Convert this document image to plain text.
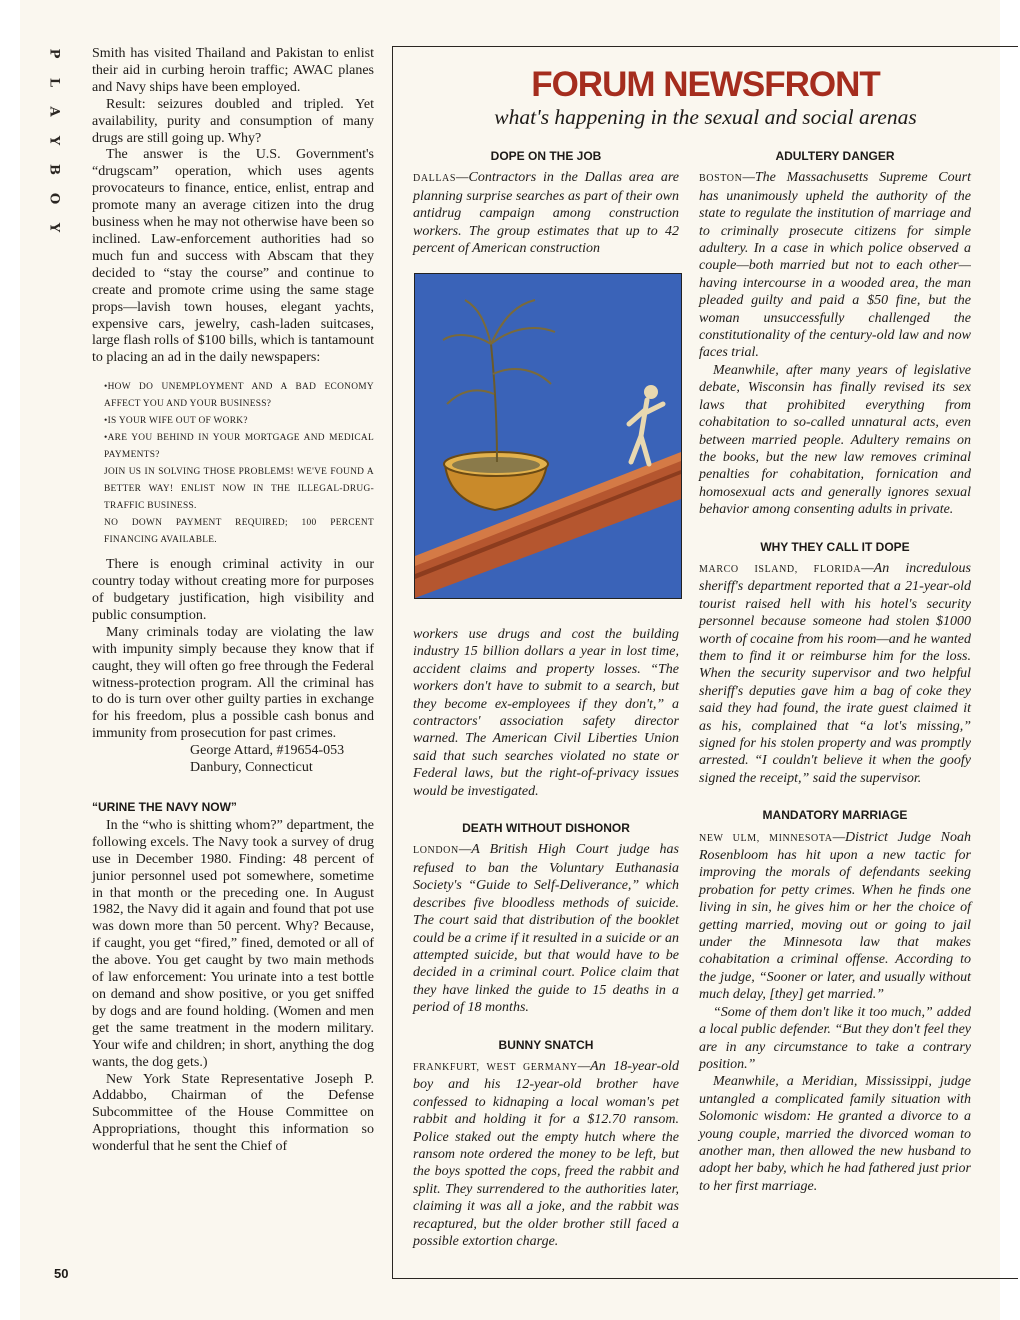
P
L
A
Y
B
O
Y
50

Smith has visited Thailand and Pakistan to enlist their aid in curbing heroin traffic; AWAC planes and Navy ships have been employed.

Result: seizures doubled and tripled. Yet availability, purity and consumption of many drugs are still going up. Why?

The answer is the U.S. Government's “drugscam” operation, which uses agents provocateurs to finance, entice, enlist, entrap and promote many an average citizen into the drug business when he may not otherwise have been so inclined. Law-enforcement authorities had so much fun and success with Abscam that they decided to “stay the course” and continue to create and promote crime using the same stage props—lavish town houses, elegant yachts, expensive cars, jewelry, cash-laden suitcases, large flash rolls of $100 bills, which is tantamount to placing an ad in the daily newspapers:

•HOW DO UNEMPLOYMENT AND A BAD ECONOMY AFFECT YOU AND YOUR BUSINESS?
•IS YOUR WIFE OUT OF WORK?
•ARE YOU BEHIND IN YOUR MORTGAGE AND MEDICAL PAYMENTS?
JOIN US IN SOLVING THOSE PROBLEMS! WE'VE FOUND A BETTER WAY! ENLIST NOW IN THE ILLEGAL-DRUG-TRAFFIC BUSINESS.
NO DOWN PAYMENT REQUIRED; 100 PERCENT FINANCING AVAILABLE.

There is enough criminal activity in our country today without creating more for purposes of budgetary justification, high visibility and public consumption.

Many criminals today are violating the law with impunity simply because they know that if caught, they will often go free through the Federal witness-protection program. All the criminal has to do is turn over other guilty parties in exchange for his freedom, plus a possible cash bonus and immunity from prosecution for past crimes.

George Attard, #19654-053

Danbury, Connecticut

“URINE THE NAVY NOW”

In the “who is shitting whom?” department, the following excels. The Navy took a survey of drug use in December 1980. Finding: 48 percent of junior personnel used pot somewhere, sometime in that month or the preceding one. In August 1982, the Navy did it again and found that pot use was down more than 50 percent. Why? Because, if caught, you get “fired,” fined, demoted or all of the above. You get caught by two main methods of law enforcement: You urinate into a test bottle on demand and show positive, or you get sniffed by dogs and are found holding. (Women and men get the same treatment in the modern military. Your wife and children; in short, anything the dog wants, the dog gets.)

New York State Representative Joseph P. Addabbo, Chairman of the Defense Subcommittee of the House Committee on Appropriations, thought this information so wonderful that he sent the Chief of

FORUM NEWSFRONT
what's happening in the sexual and social arenas
DOPE ON THE JOB

DALLAS—Contractors in the Dallas area are planning surprise searches as part of their own antidrug campaign among construction workers. The group estimates that up to 42 percent of American construction

workers use drugs and cost the building industry 15 billion dollars a year in lost time, accident claims and property losses. “The workers don't have to submit to a search, but they become ex-employees if they don't,” a contractors' association safety director warned. The American Civil Liberties Union said that such searches violated no state or Federal laws, but the right-of-privacy issues would be investigated.

DEATH WITHOUT DISHONOR

LONDON—A British High Court judge has refused to ban the Voluntary Euthanasia Society's “Guide to Self-Deliverance,” which describes five bloodless methods of suicide. The court said that distribution of the booklet could be a crime if it resulted in a suicide or an attempted suicide, but that would have to be decided in a criminal court. Police claim that they have linked the guide to 15 deaths in a period of 18 months.

BUNNY SNATCH

FRANKFURT, WEST GERMANY—An 18-year-old boy and his 12-year-old brother have confessed to kidnaping a local woman's pet rabbit and holding it for a $12.70 ransom. Police staked out the empty hutch where the ransom note ordered the money to be left, but the boys spotted the cops, freed the rabbit and split. They surrendered to the authorities later, claiming it was all a joke, and the rabbit was recaptured, but the older brother still faced a possible extortion charge.

ADULTERY DANGER

BOSTON—The Massachusetts Supreme Court has unanimously upheld the authority of the state to regulate the institution of marriage and to criminally prosecute citizens for simple adultery. In a case in which police observed a couple—both married but not to each other—having intercourse in a wooded area, the man pleaded guilty and paid a $50 fine, but the woman unsuccessfully challenged the constitutionality of the century-old law and now faces trial.

Meanwhile, after many years of legislative debate, Wisconsin has finally revised its sex laws that prohibited everything from cohabitation to so-called unnatural acts, even between married people. Adultery remains on the books, but the new law removes criminal penalties for cohabitation, fornication and homosexual acts and generally ignores sexual behavior among consenting adults in private.

WHY THEY CALL IT DOPE

MARCO ISLAND, FLORIDA—An incredulous sheriff's department reported that a 21-year-old tourist raised hell with his hotel's security personnel because someone had stolen $1000 worth of cocaine from his room—and he wanted them to find it or reimburse him for the loss. When the security supervisor and two helpful sheriff's deputies gave him a bag of coke they said they had found, the irate guest claimed it as his, complained that “a lot's missing,” signed for his stolen property and was promptly arrested. “I couldn't believe it when the goofy signed the receipt,” said the supervisor.

MANDATORY MARRIAGE

NEW ULM, MINNESOTA—District Judge Noah Rosenbloom has hit upon a new tactic for improving the morals of defendants seeking probation for petty crimes. When he finds one living in sin, he gives him or her the choice of getting married, moving out or going to jail under the Minnesota law that makes cohabitation a criminal offense. According to the judge, “Sooner or later, and usually without much delay, [they] get married.”

“Some of them don't like it too much,” added a local public defender. “But they don't feel they are in any circumstance to take a contrary position.”

Meanwhile, a Meridian, Mississippi, judge untangled a complicated family situation with Solomonic wisdom: He granted a divorce to a young couple, married the divorced woman to another man, then allowed the new husband to adopt her baby, which he had fathered just prior to her first marriage.
